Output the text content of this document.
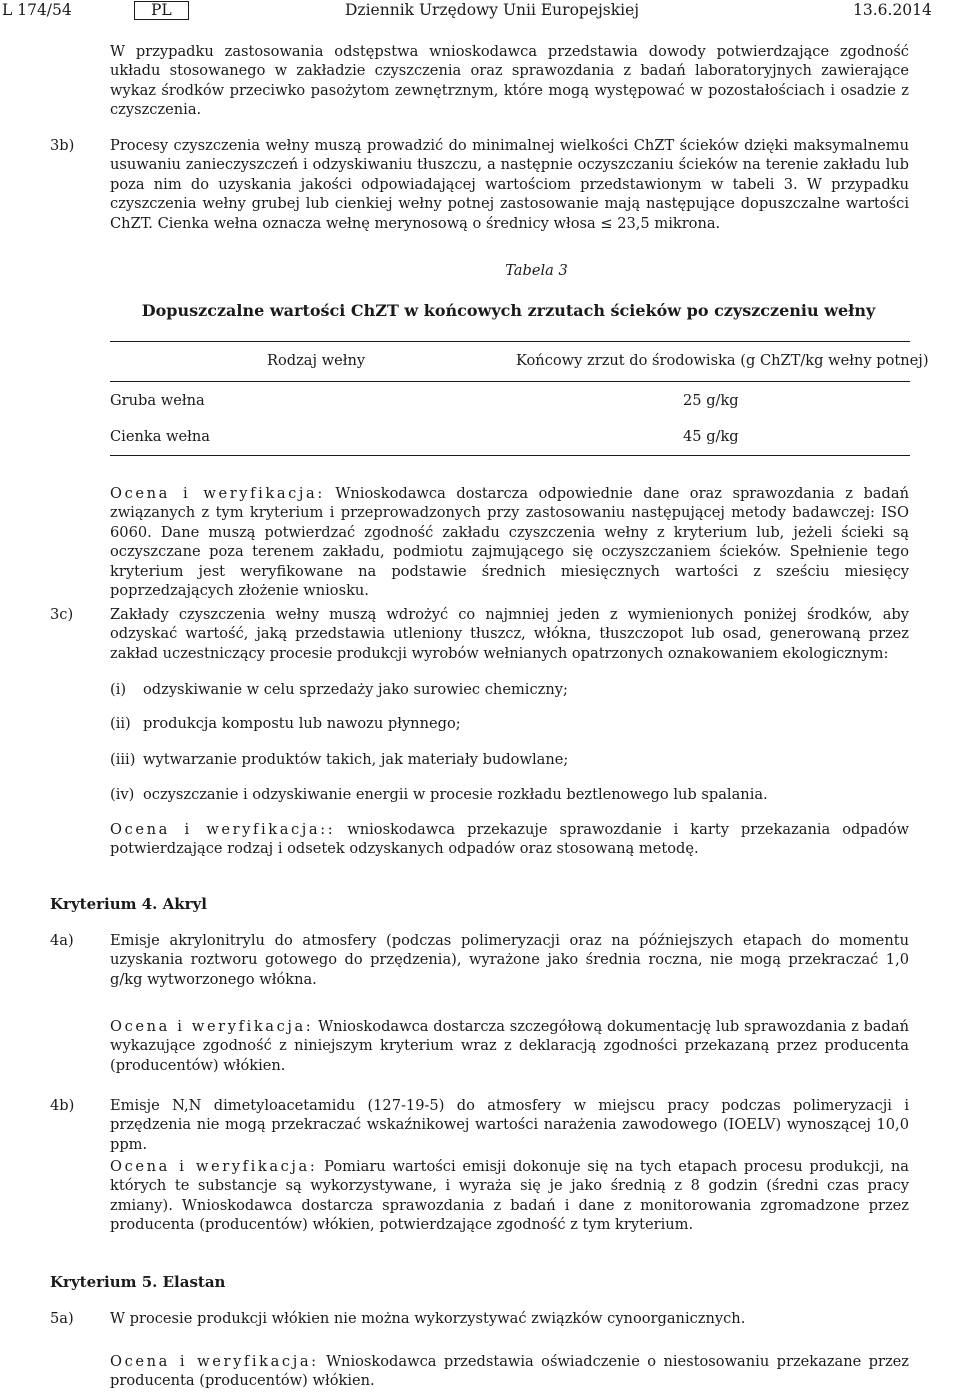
L 174/54	PL	Dziennik Urzędowy Unii Europejskiej	13.6.2014

W przypadku zastosowania odstępstwa wnioskodawca przedstawia dowody potwierdzające zgodność układu stosowanego w zakładzie czyszczenia oraz sprawozdania z badań laboratoryjnych zawierające wykaz środków przeciwko pasożytom zewnętrznym, które mogą występować w pozostałościach i osadzie z czyszczenia.

3b) Procesy czyszczenia wełny muszą prowadzić do minimalnej wielkości ChZT ścieków dzięki maksymalnemu usuwaniu zanieczyszczeń i odzyskiwaniu tłuszczu, a następnie oczyszczaniu ścieków na terenie zakładu lub poza nim do uzyskania jakości odpowiadającej wartościom przedstawionym w tabeli 3. W przypadku czyszczenia wełny grubej lub cienkiej wełny potnej zastosowanie mają następujące dopuszczalne wartości ChZT. Cienka wełna oznacza wełnę merynosową o średnicy włosa ≤ 23,5 mikrona.

Tabela 3
Dopuszczalne wartości ChZT w końcowych zrzutach ścieków po czyszczeniu wełny
Rodzaj wełny	Końcowy zrzut do środowiska (g ChZT/kg wełny potnej)
Gruba wełna	25 g/kg
Cienka wełna	45 g/kg

Ocena i weryfikacja: Wnioskodawca dostarcza odpowiednie dane oraz sprawozdania z badań związanych z tym kryterium i przeprowadzonych przy zastosowaniu następującej metody badawczej: ISO 6060. Dane muszą potwierdzać zgodność zakładu czyszczenia wełny z kryterium lub, jeżeli ścieki są oczyszczane poza terenem zakładu, podmiotu zajmującego się oczyszczaniem ścieków. Spełnienie tego kryterium jest weryfikowane na podstawie średnich miesięcznych wartości z sześciu miesięcy poprzedzających złożenie wniosku.

3c)	Zakłady czyszczenia wełny muszą wdrożyć co najmniej jeden z wymienionych poniżej środków, aby odzyskać wartość, jaką przedstawia utleniony tłuszcz, włókna, tłuszczopot lub osad, generowaną przez zakład uczestniczący procesie produkcji wyrobów wełnianych opatrzonych oznakowaniem ekologicznym:

(i) odzyskiwanie w celu sprzedaży jako surowiec chemiczny;
(ii) produkcja kompostu lub nawozu płynnego;
(iii) wytwarzanie produktów takich, jak materiały budowlane;
(iv) oczyszczanie i odzyskiwanie energii w procesie rozkładu beztlenowego lub spalania.

Ocena i weryfikacja:: wnioskodawca przekazuje sprawozdanie i karty przekazania odpadów potwierdzające rodzaj i odsetek odzyskanych odpadów oraz stosowaną metodę.

Kryterium 4. Akryl
4a) Emisje akrylonitrylu do atmosfery (podczas polimeryzacji oraz na późniejszych etapach do momentu uzyskania roztworu gotowego do przędzenia), wyrażone jako średnia roczna, nie mogą przekraczać 1,0 g/kg wytworzonego włókna.

Ocena i weryfikacja: Wnioskodawca dostarcza szczegółową dokumentację lub sprawozdania z badań wykazujące zgodność z niniejszym kryterium wraz z deklaracją zgodności przekazaną przez producenta (producentów) włókien.

4b) Emisje N,N dimetyloacetamidu (127-19-5) do atmosfery w miejscu pracy podczas polimeryzacji i przędzenia nie mogą przekraczać wskaźnikowej wartości narażenia zawodowego (IOELV) wynoszącej 10,0 ppm.

Ocena i weryfikacja: Pomiaru wartości emisji dokonuje się na tych etapach procesu produkcji, na których te substancje są wykorzystywane, i wyraża się je jako średnią z 8 godzin (średni czas pracy zmiany). Wnioskodawca dostarcza sprawozdania z badań i dane z monitorowania zgromadzone przez producenta (producentów) włókien, potwierdzające zgodność z tym kryterium.

Kryterium 5. Elastan
5a) W procesie produkcji włókien nie można wykorzystywać związków cynoorganicznych.

Ocena i weryfikacja: Wnioskodawca przedstawia oświadczenie o niestosowaniu przekazane przez producenta (producentów) włókien.
